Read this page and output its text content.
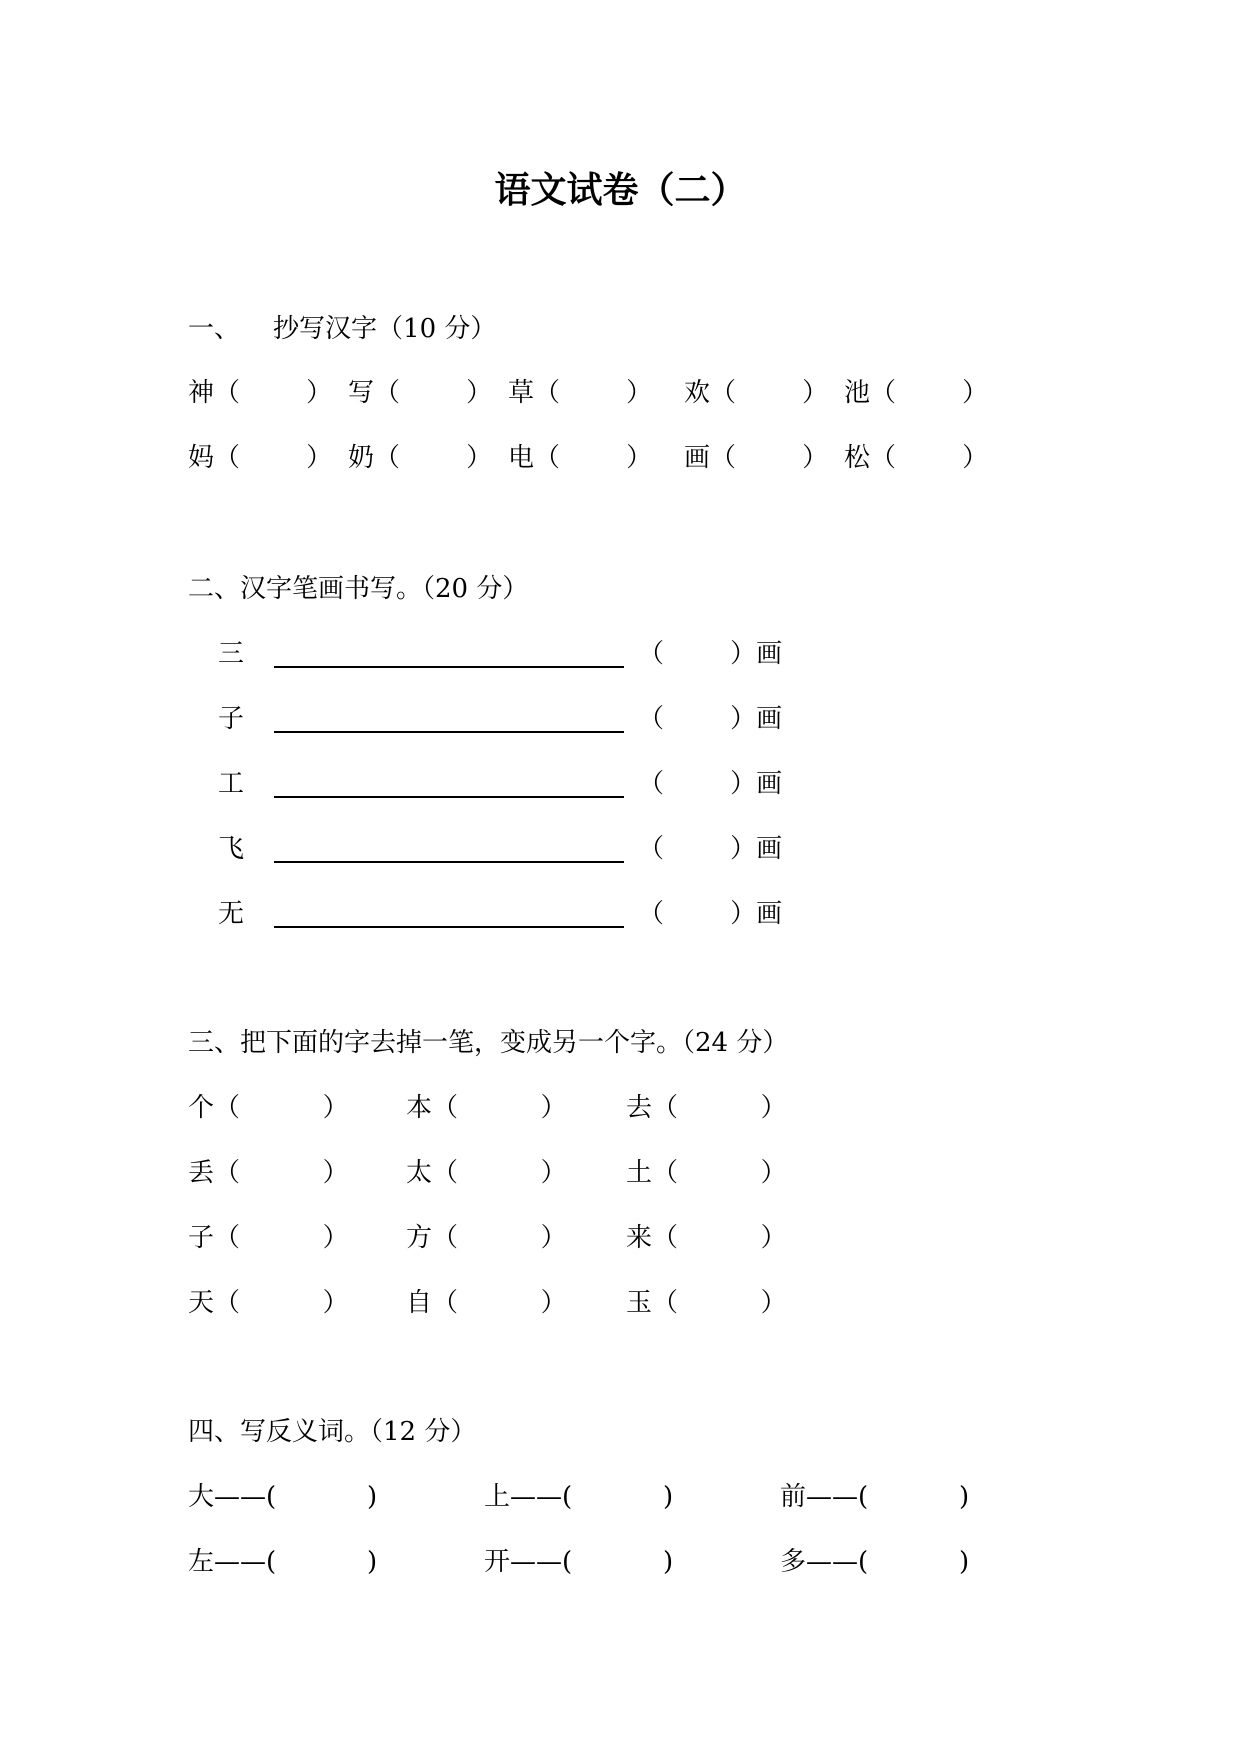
语文试卷（二）
一、    抄写汉字（10 分）
神（        ） 写（        ） 草（        ） 欢（        ） 池（        ）
妈（        ） 奶（        ） 电（        ） 画（        ） 松（        ）
二、汉字笔画书写。（20 分）
三	（        ）画
子	（        ）画
工	（        ）画
飞	（        ）画
无	（        ）画
三、把下面的字去掉一笔，变成另一个字。（24 分）
个（          ） 本（          ） 去（          ）
丢（          ） 太（          ） 土（          ）
子（          ） 方（          ） 来（          ）
天（          ） 自（          ） 玉（          ）
四、写反义词。（12 分）
大——(           )	上——(           )	前——(           )
左——(           )	开——(           )	多——(           )
